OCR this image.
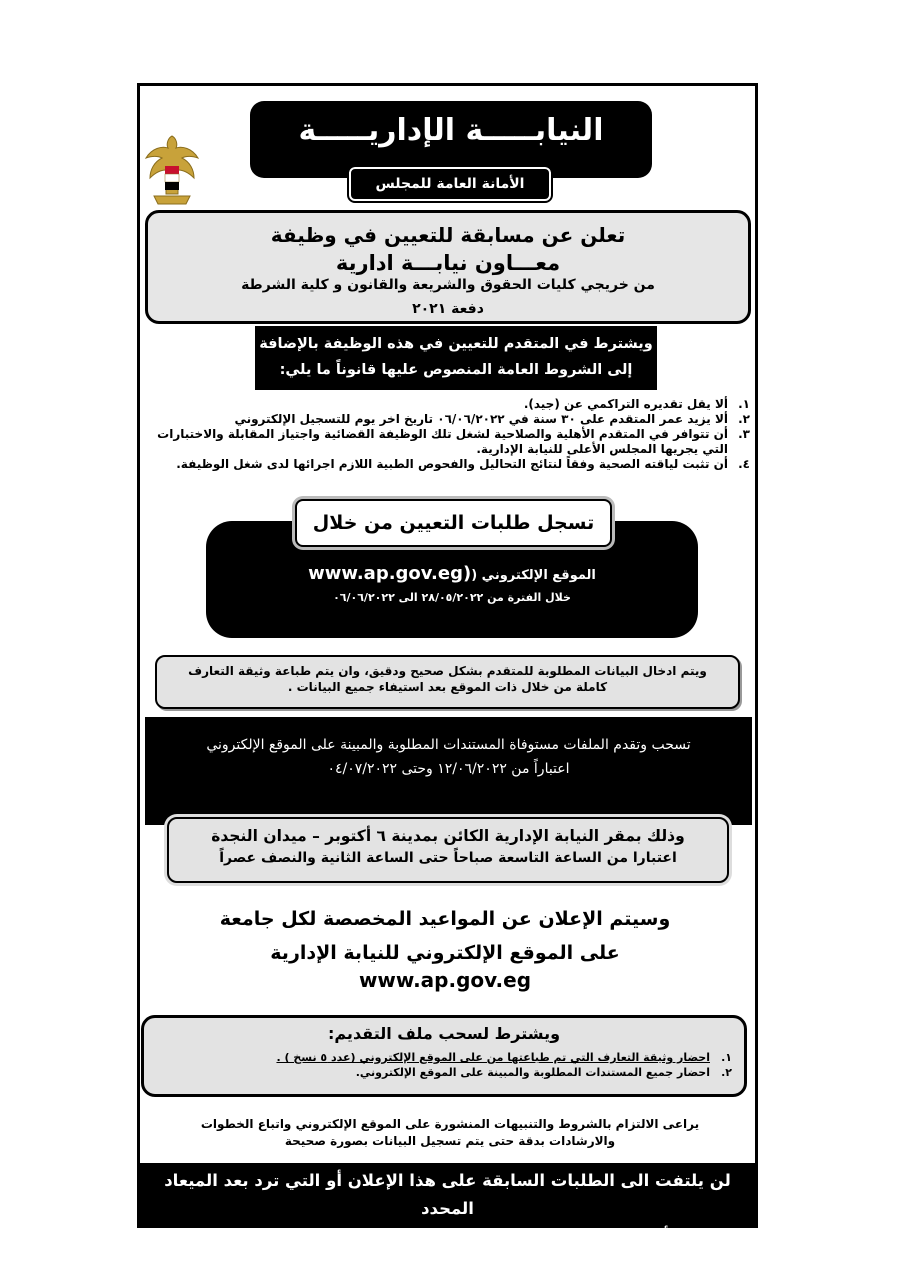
النيابـــــة الإداريـــــة
الأمانة العامة للمجلس
تعلن عن مسابقة للتعيين في وظيفة
معـــاون نيابـــة ادارية
من خريجي كليات الحقوق والشريعة والقانون و كلية الشرطة
دفعة ٢٠٢١
ويشترط في المتقدم للتعيين في هذه الوظيفة بالإضافة
إلى الشروط العامة المنصوص عليها قانوناً ما يلي:
١.
ألا يقل تقديره التراكمي عن (جيد).
٢.
ألا يزيد عمر المتقدم على ٣٠ سنة في ٠٦/٠٦/٢٠٢٢ تاريخ اخر يوم للتسجيل الإلكتروني
٣.
أن تتوافر في المتقدم الأهلية والصلاحية لشغل تلك الوظيفة القضائية واجتياز المقابلة والاختبارات التي يجريها المجلس الأعلى للنيابة الإدارية.
٤.
أن تثبت لياقته الصحية وفقاً لنتائج التحاليل والفحوص الطبية اللازم اجرائها لدى شغل الوظيفة.
الموقع الإلكتروني (www.ap.gov.eg)
خلال الفترة من ٢٨/٠٥/٢٠٢٢ الى ٠٦/٠٦/٢٠٢٢
تسجل طلبات التعيين من خلال
ويتم ادخال البيانات المطلوبة للمتقدم بشكل صحيح ودقيق، وان يتم طباعة وثيقة التعارف
كاملة من خلال ذات الموقع بعد استيفاء جميع البيانات .
تسحب وتقدم الملفات مستوفاة المستندات المطلوبة والمبينة على الموقع الإلكتروني
اعتباراً من ١٢/٠٦/٢٠٢٢ وحتى ٠٤/٠٧/٢٠٢٢
وذلك بمقر النيابة الإدارية الكائن بمدينة ٦ أكتوبر – ميدان النجدة
اعتبارا من الساعة التاسعة صباحاً حتى الساعة الثانية والنصف عصراً
وسيتم الإعلان عن المواعيد المخصصة لكل جامعة
على الموقع الإلكتروني للنيابة الإدارية
www.ap.gov.eg
ويشترط لسحب ملف التقديم:
١.
احضار وثيقة التعارف التي تم طباعتها من على الموقع الإلكتروني (عدد ٥ نسخ ) .
٢.
احضار جميع المستندات المطلوبة والمبينة على الموقع الإلكتروني.
يراعى الالتزام بالشروط والتنبيهات المنشورة على الموقع الإلكتروني واتباع الخطوات
والارشادات بدقة حتى يتم تسجيل البيانات بصورة صحيحة
لن يلتفت الى الطلبات السابقة على هذا الإعلان أو التي ترد بعد الميعاد المحدد
أو الطلبات غير المستوفاة للشروط والمستندات اللازمة
